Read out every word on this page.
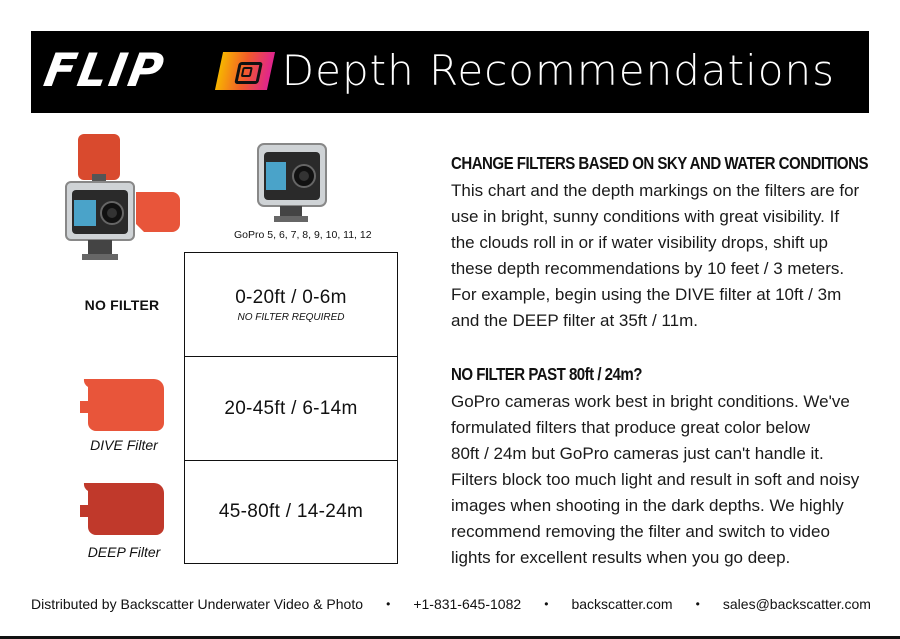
FLIP	Depth Recommendations
GoPro 5, 6, 7, 8, 9, 10, 11, 12
NO FILTER
DIVE Filter
DEEP Filter
0-20ft / 0-6m
NO FILTER REQUIRED
20-45ft / 6-14m
45-80ft / 14-24m
CHANGE FILTERS BASED ON SKY AND WATER CONDITIONS
This chart and the depth markings on the filters are for
use in bright, sunny conditions with great visibility. If
the clouds roll in or if water visibility drops, shift up
these depth recommendations by 10 feet / 3 meters.
For example, begin using the DIVE filter at 10ft / 3m
and the DEEP filter at 35ft / 11m.
NO FILTER PAST 80ft / 24m?
GoPro cameras work best in bright conditions. We've
formulated filters that produce great color below
80ft / 24m but GoPro cameras just can't handle it.
Filters block too much light and result in soft and noisy
images when shooting in the dark depths. We highly
recommend removing the filter and switch to video
lights for excellent results when you go deep.
Distributed by Backscatter Underwater Video & Photo • +1-831-645-1082 • backscatter.com • sales@backscatter.com
